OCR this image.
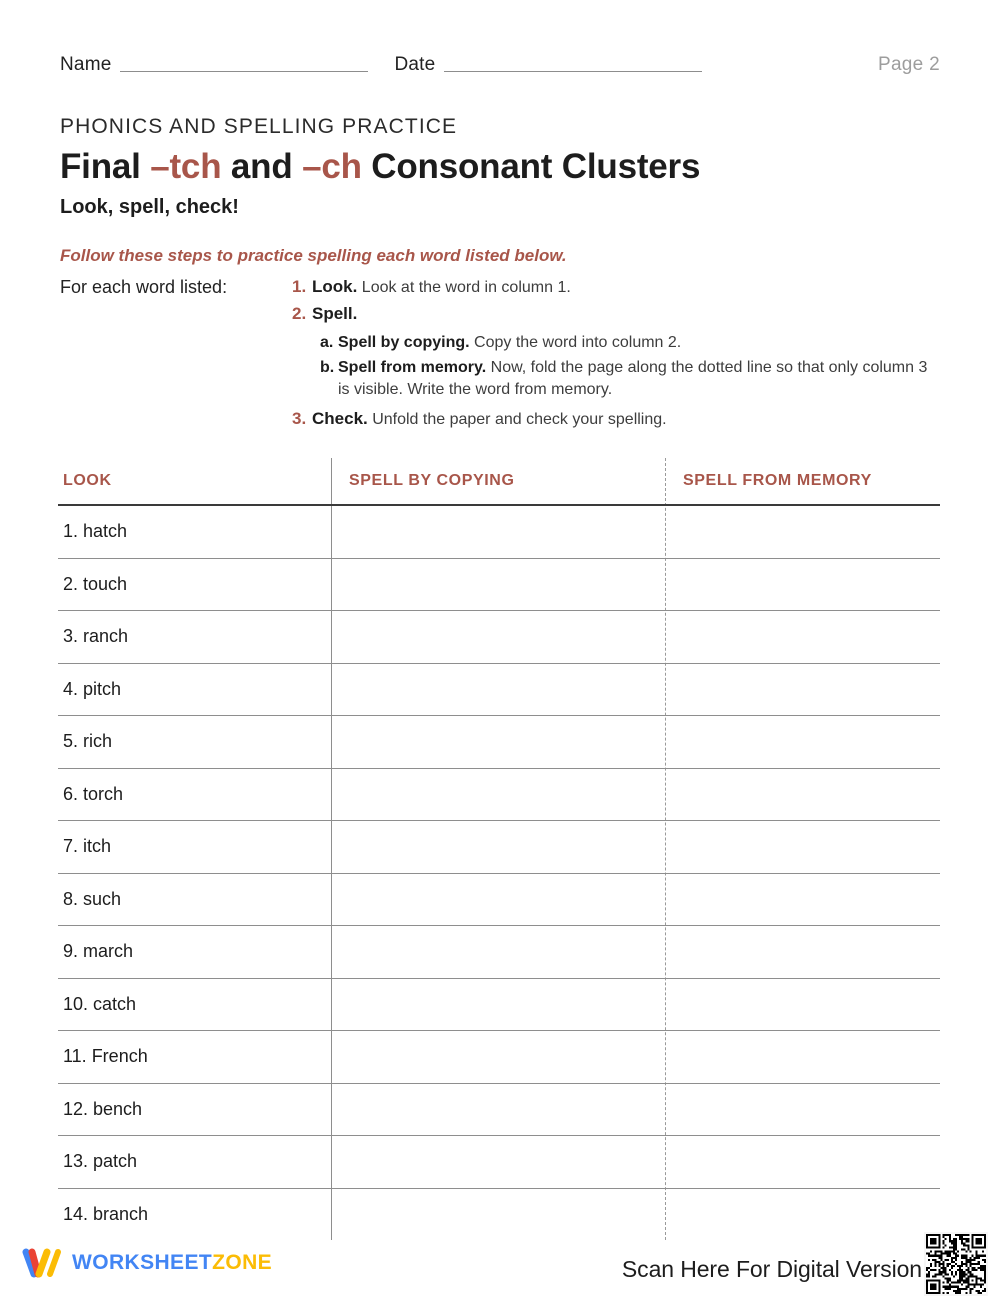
Name	Date	Page 2
PHONICS AND SPELLING PRACTICE
Final –tch and –ch Consonant Clusters
Look, spell, check!
Follow these steps to practice spelling each word listed below.
For each word listed:	1. Look. Look at the word in column 1.
2. Spell.
a. Spell by copying. Copy the word into column 2.
b. Spell from memory. Now, fold the page along the dotted line so that only column 3 is visible. Write the word from memory.
3. Check. Unfold the paper and check your spelling.
LOOK	SPELL BY COPYING	SPELL FROM MEMORY
1. hatch
2. touch
3. ranch
4. pitch
5. rich
6. torch
7. itch
8. such
9. march
10. catch
11. French
12. bench
13. patch
14. branch
WORKSHEETZONE	Scan Here For Digital Version
